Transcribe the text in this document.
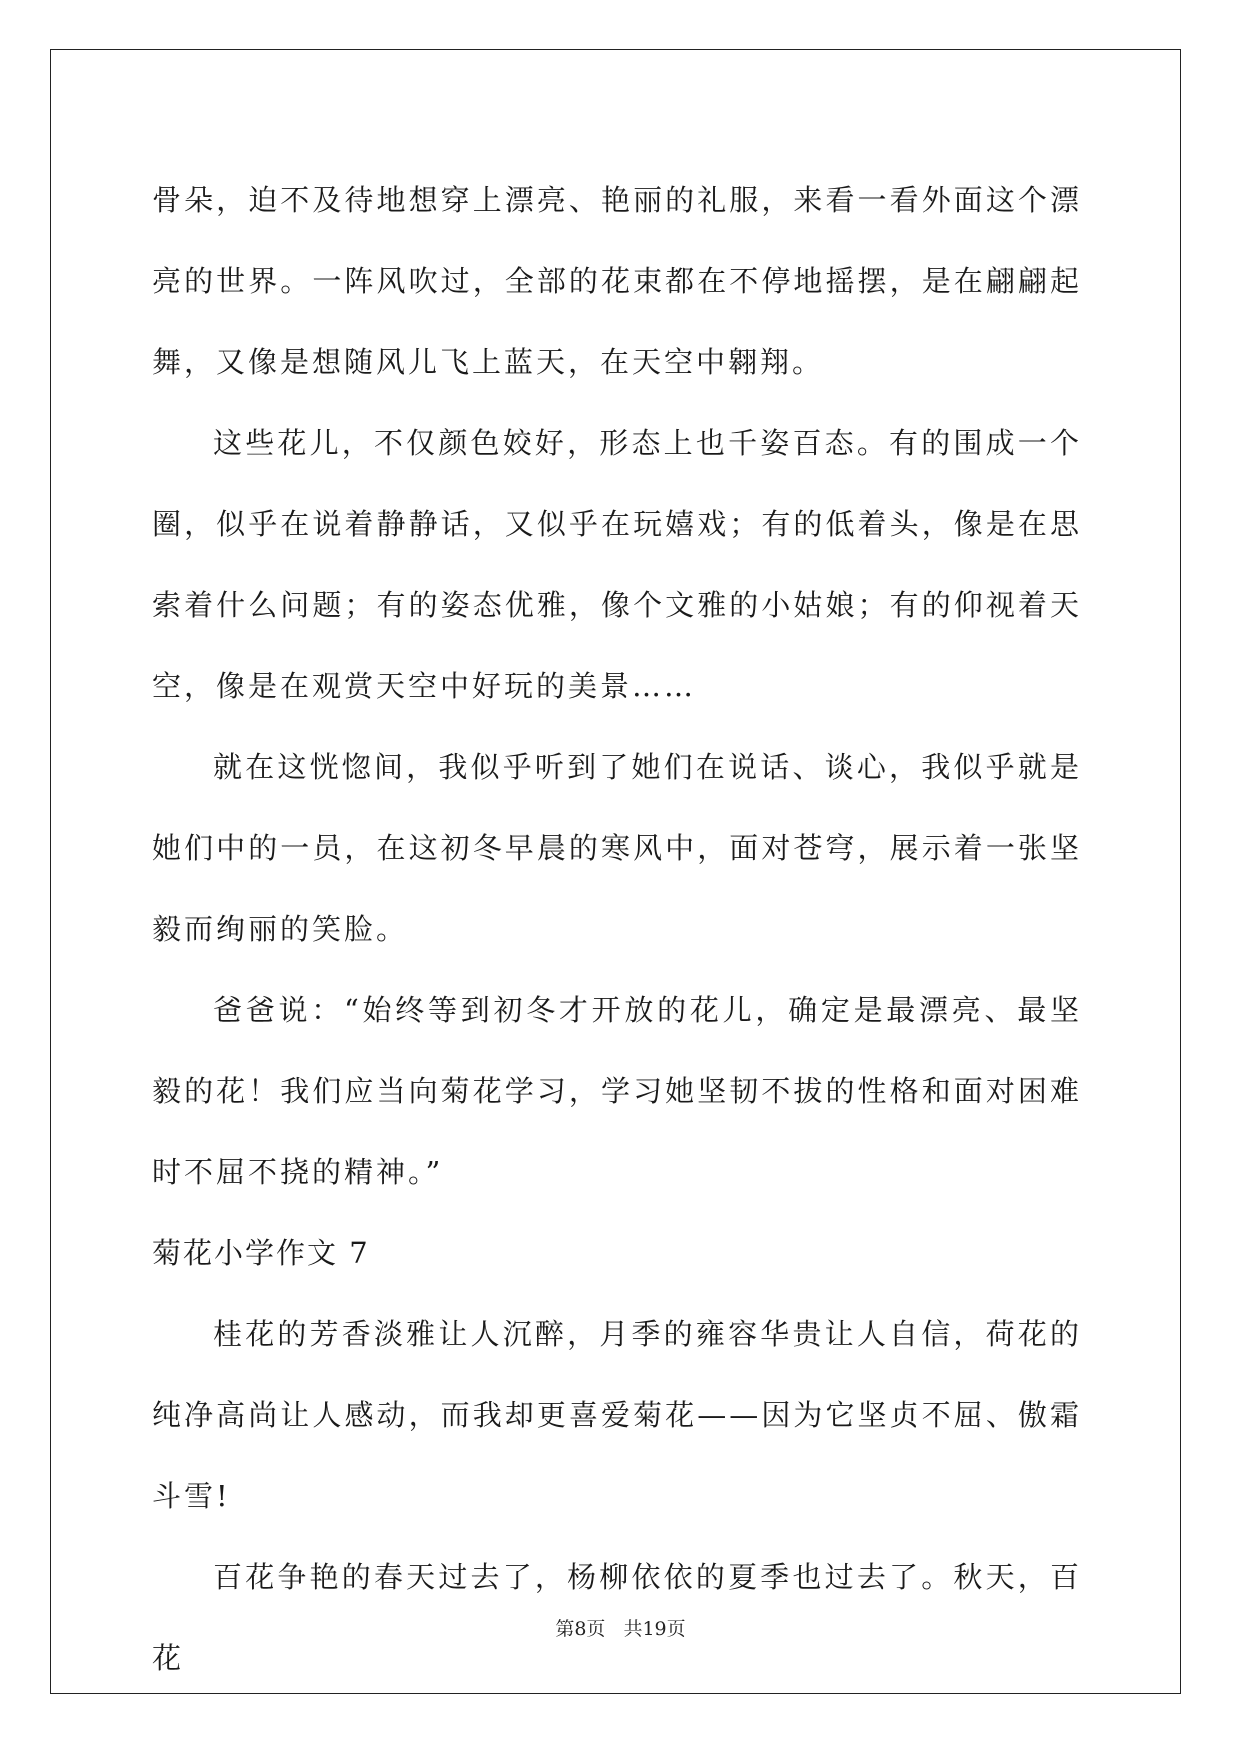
骨朵，迫不及待地想穿上漂亮、艳丽的礼服，来看一看外面这个漂亮的世界。一阵风吹过，全部的花束都在不停地摇摆，是在翩翩起舞，又像是想随风儿飞上蓝天，在天空中翱翔。

这些花儿，不仅颜色姣好，形态上也千姿百态。有的围成一个圈，似乎在说着静静话，又似乎在玩嬉戏；有的低着头，像是在思索着什么问题；有的姿态优雅，像个文雅的小姑娘；有的仰视着天空，像是在观赏天空中好玩的美景……

就在这恍惚间，我似乎听到了她们在说话、谈心，我似乎就是她们中的一员，在这初冬早晨的寒风中，面对苍穹，展示着一张坚毅而绚丽的笑脸。

爸爸说：“始终等到初冬才开放的花儿，确定是最漂亮、最坚毅的花！我们应当向菊花学习，学习她坚韧不拔的性格和面对困难时不屈不挠的精神。”

菊花小学作文 7

桂花的芳香淡雅让人沉醉，月季的雍容华贵让人自信，荷花的纯净高尚让人感动，而我却更喜爱菊花——因为它坚贞不屈、傲霜斗雪!

百花争艳的春天过去了，杨柳依依的夏季也过去了。秋天，百花

第8页 共19页
